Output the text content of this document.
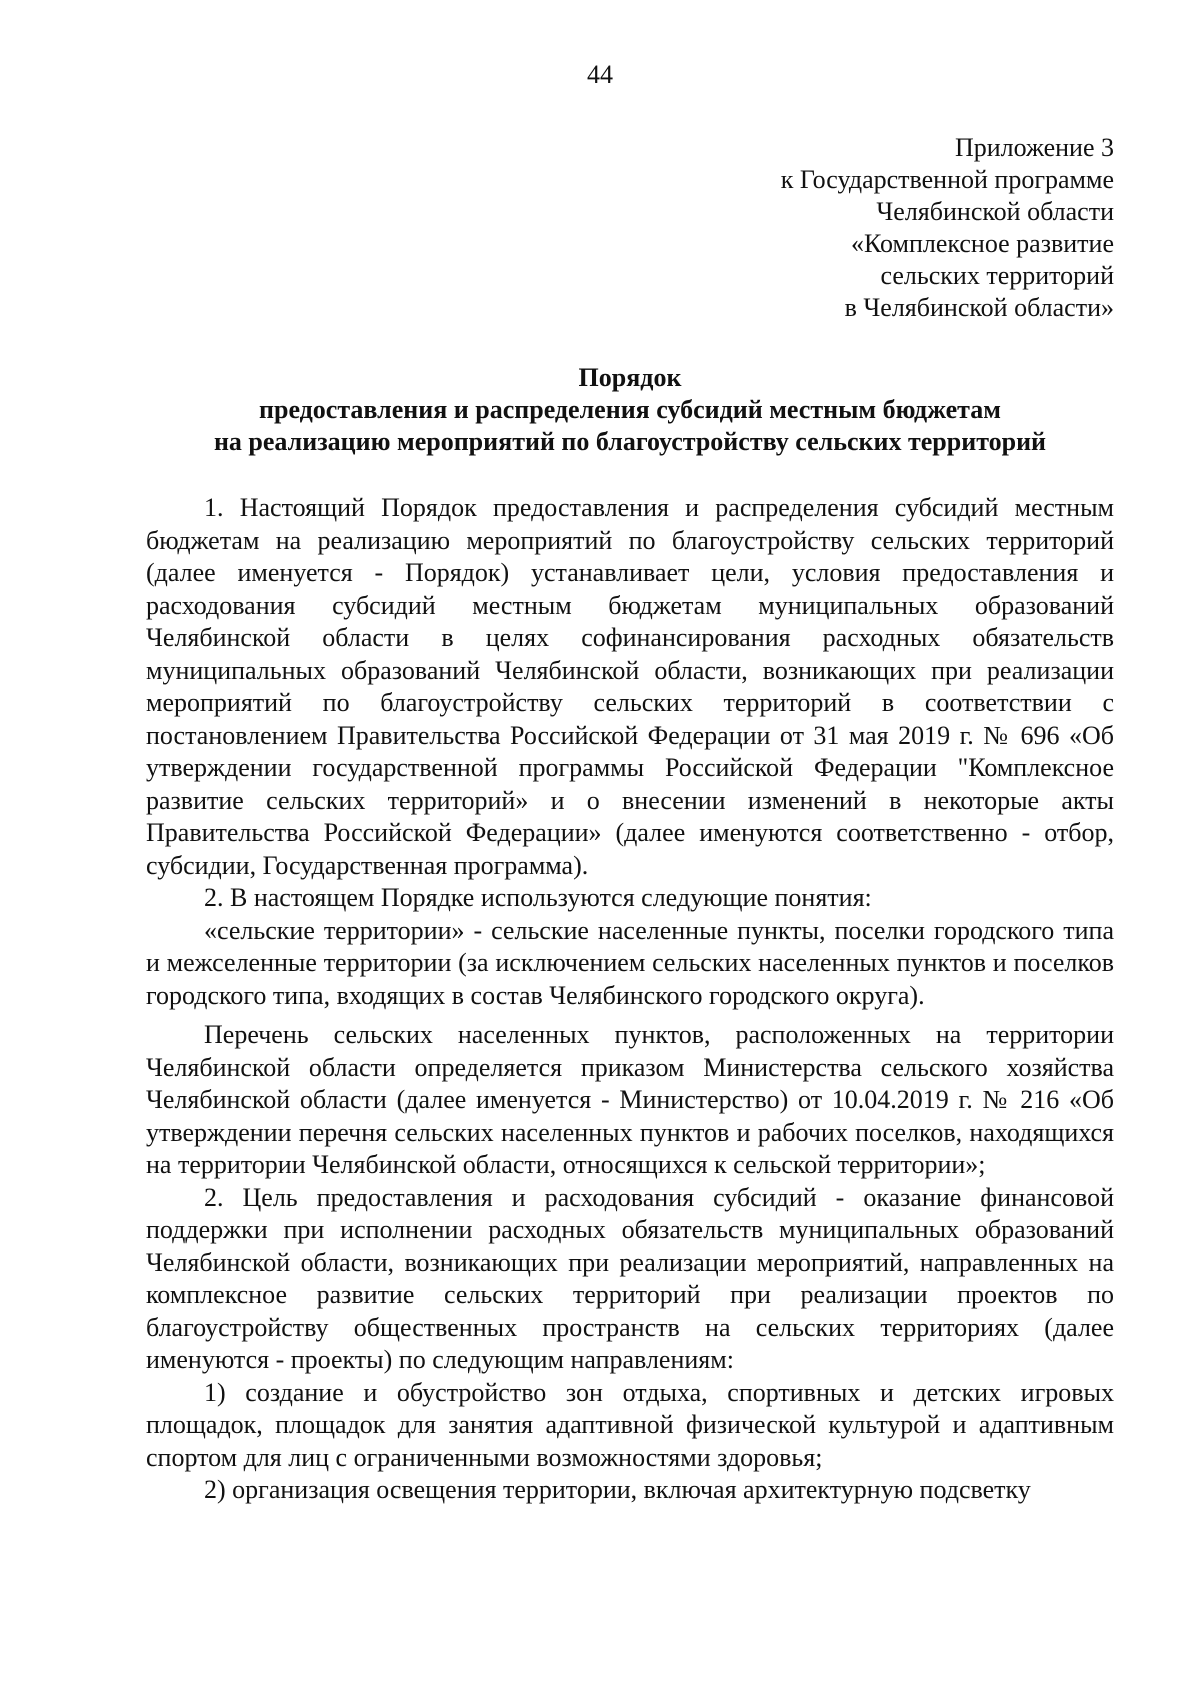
44
Приложение 3
к Государственной программе
Челябинской области
«Комплексное развитие
сельских территорий
в Челябинской области»
Порядок
предоставления и распределения субсидий местным бюджетам
на реализацию мероприятий по благоустройству сельских территорий

1. Настоящий Порядок предоставления и распределения субсидий местным бюджетам на реализацию мероприятий по благоустройству сельских территорий (далее именуется - Порядок) устанавливает цели, условия предоставления и расходования субсидий местным бюджетам муниципальных образований Челябинской области в целях софинансирования расходных обязательств муниципальных образований Челябинской области, возникающих при реализации мероприятий по благоустройству сельских территорий в соответствии с постановлением Правительства Российской Федерации от 31 мая 2019 г. № 696 «Об утверждении государственной программы Российской Федерации "Комплексное развитие сельских территорий» и о внесении изменений в некоторые акты Правительства Российской Федерации» (далее именуются соответственно - отбор, субсидии, Государственная программа).

2. В настоящем Порядке используются следующие понятия:

«сельские территории» - сельские населенные пункты, поселки городского типа и межселенные территории (за исключением сельских населенных пунктов и поселков городского типа, входящих в состав Челябинского городского округа).

Перечень сельских населенных пунктов, расположенных на территории Челябинской области определяется приказом Министерства сельского хозяйства Челябинской области (далее именуется - Министерство) от 10.04.2019 г. № 216 «Об утверждении перечня сельских населенных пунктов и рабочих поселков, находящихся на территории Челябинской области, относящихся к сельской территории»;

2. Цель предоставления и расходования субсидий - оказание финансовой поддержки при исполнении расходных обязательств муниципальных образований Челябинской области, возникающих при реализации мероприятий, направленных на комплексное развитие сельских территорий при реализации проектов по благоустройству общественных пространств на сельских территориях (далее именуются - проекты) по следующим направлениям:

1) создание и обустройство зон отдыха, спортивных и детских игровых площадок, площадок для занятия адаптивной физической культурой и адаптивным спортом для лиц с ограниченными возможностями здоровья;

2) организация освещения территории, включая архитектурную подсветку
